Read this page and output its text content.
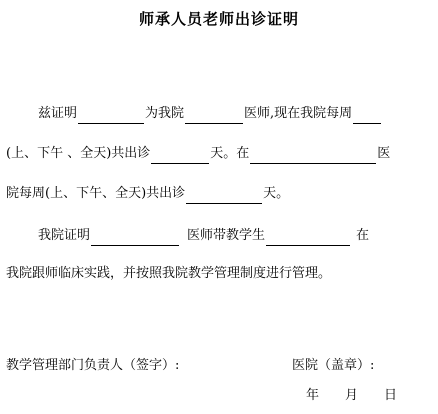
师承人员老师出诊证明
兹证明	为我院	医师,现在我院每周
(上、下午 、全天)共出诊	天。在	医
院每周(上、下午、全天)共出诊	天。
我院证明	医师带教学生	在
我院跟师临床实践，并按照我院教学管理制度进行管理。
教学管理部门负责人（签字）:	医院（盖章）:
年 月 日
